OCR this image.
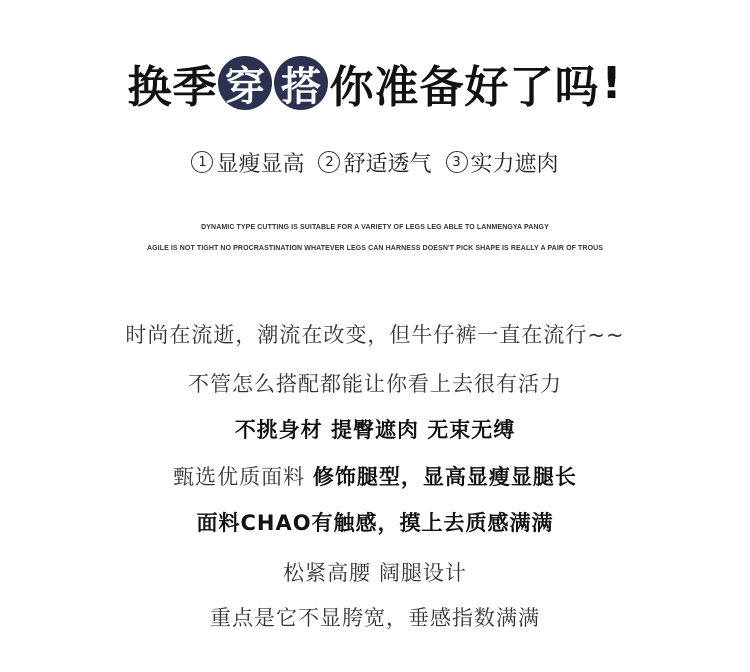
换季 穿 搭 你准备好了吗 !
1 显瘦显高	2 舒适透气	3 实力遮肉
DYNAMIC TYPE CUTTING IS SUITABLE FOR A VARIETY OF LEGS LEG ABLE TO LANMENGYA PANGY
AGILE IS NOT TIGHT NO PROCRASTINATION WHATEVER LEGS CAN HARNESS DOESN'T PICK SHAPE IS REALLY A PAIR OF TROUS
时尚在流逝，潮流在改变，但牛仔裤一直在流行~~
不管怎么搭配都能让你看上去很有活力
不挑身材 提臀遮肉 无束无缚
甄选优质面料 修饰腿型，显高显瘦显腿长
面料CHAO有触感，摸上去质感满满
松紧高腰 阔腿设计
重点是它不显胯宽，垂感指数满满
